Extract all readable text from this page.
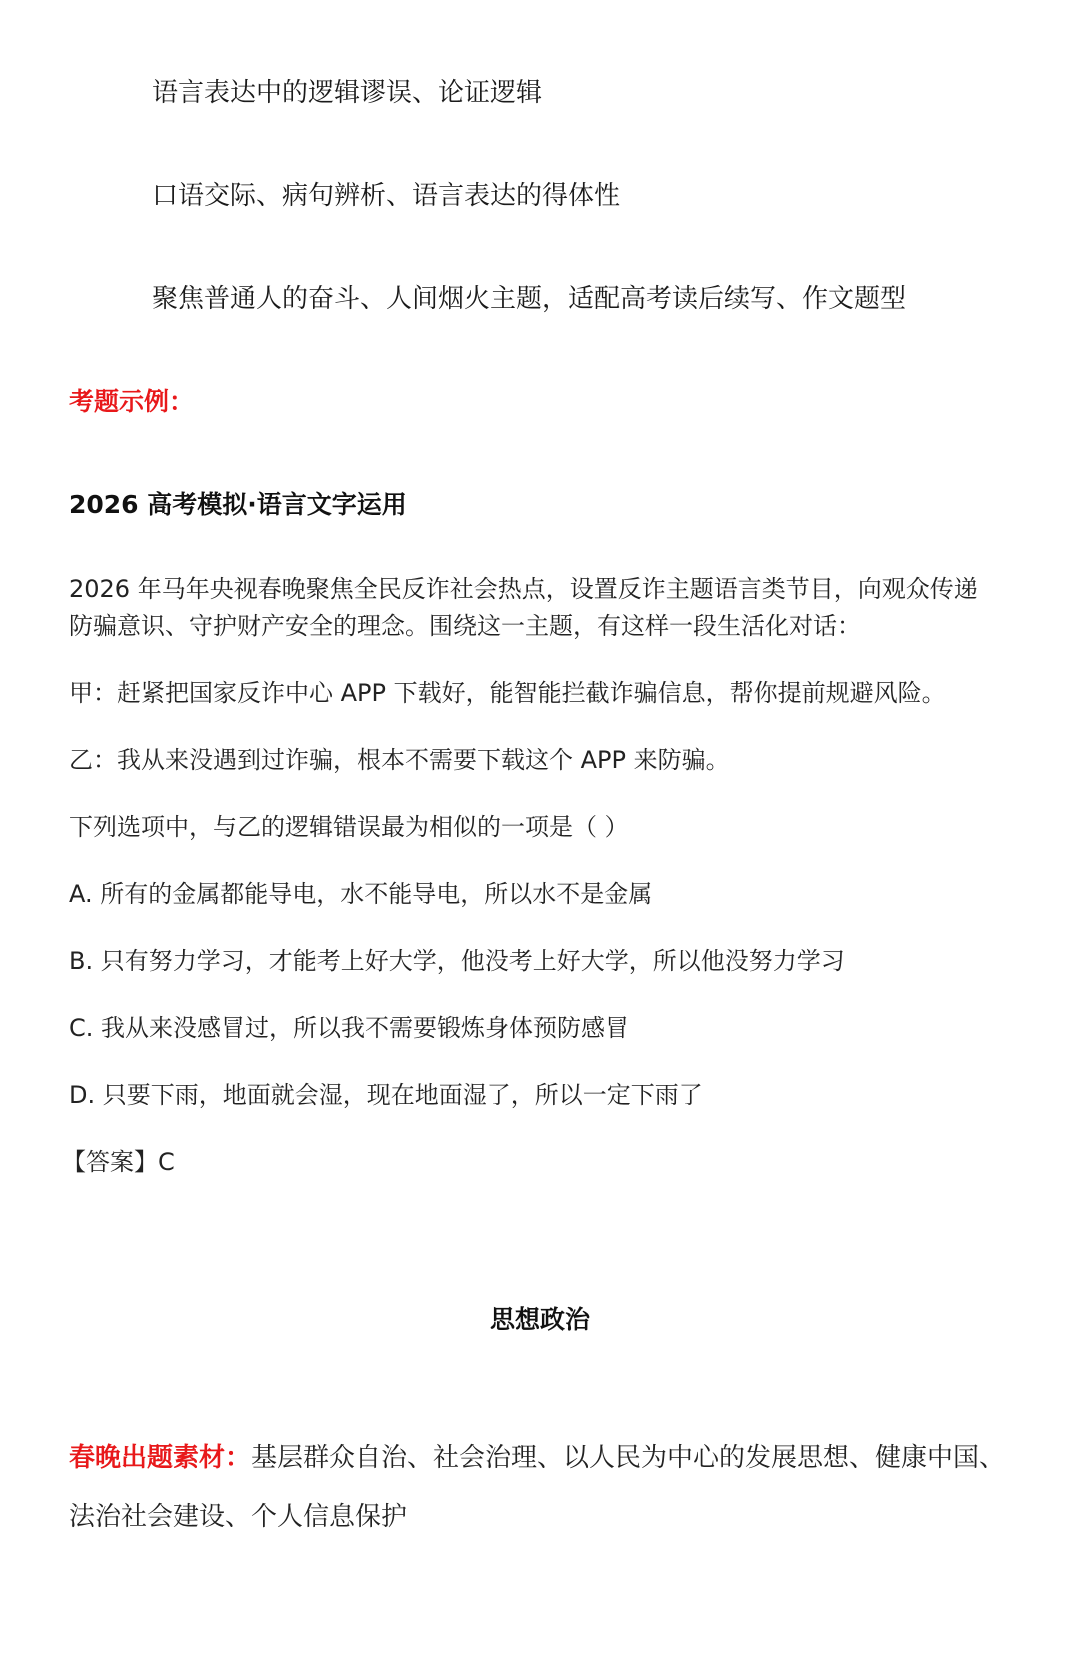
语言表达中的逻辑谬误、论证逻辑
口语交际、病句辨析、语言表达的得体性
聚焦普通人的奋斗、人间烟火主题，适配高考读后续写、作文题型
考题示例：
2026 高考模拟·语言文字运用
2026 年马年央视春晚聚焦全民反诈社会热点，设置反诈主题语言类节目，向观众传递
防骗意识、守护财产安全的理念。围绕这一主题，有这样一段生活化对话：
甲：赶紧把国家反诈中心 APP 下载好，能智能拦截诈骗信息，帮你提前规避风险。
乙：我从来没遇到过诈骗，根本不需要下载这个 APP 来防骗。
下列选项中，与乙的逻辑错误最为相似的一项是（ ）
A. 所有的金属都能导电，水不能导电，所以水不是金属
B. 只有努力学习，才能考上好大学，他没考上好大学，所以他没努力学习
C. 我从来没感冒过，所以我不需要锻炼身体预防感冒
D. 只要下雨，地面就会湿，现在地面湿了，所以一定下雨了
【答案】C
思想政治
春晚出题素材：基层群众自治、社会治理、以人民为中心的发展思想、健康中国、
法治社会建设、个人信息保护
